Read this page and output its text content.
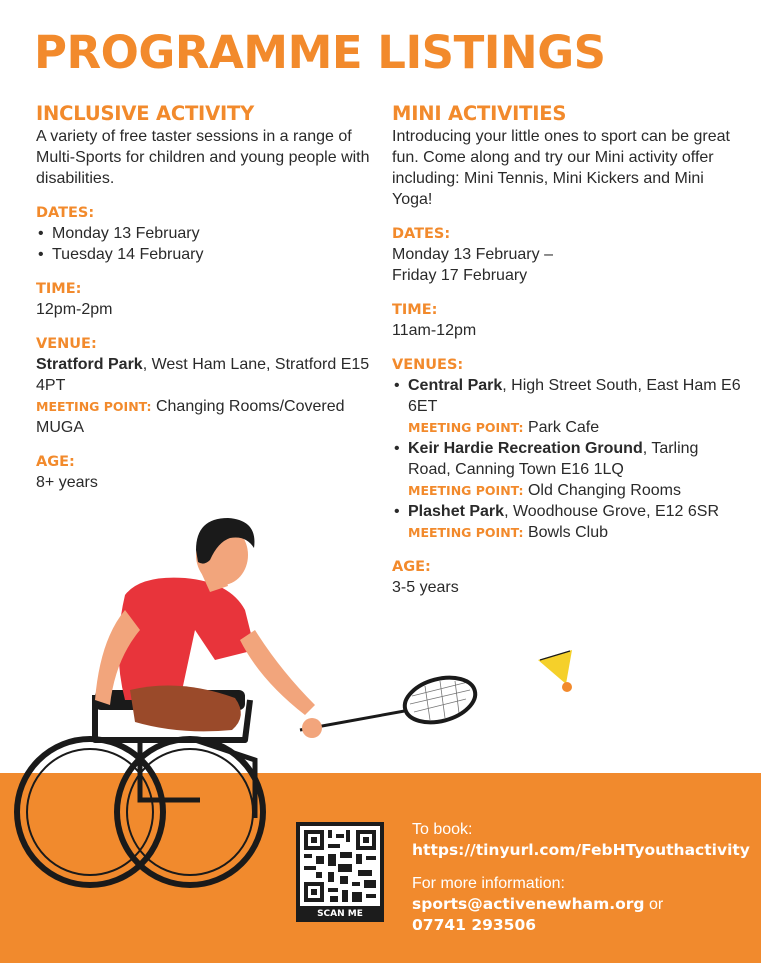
PROGRAMME LISTINGS
INCLUSIVE ACTIVITY
A variety of free taster sessions in a range of Multi-Sports for children and young people with disabilities.
DATES:
• Monday 13 February
• Tuesday 14 February
TIME:
12pm-2pm
VENUE:
Stratford Park, West Ham Lane, Stratford E15 4PT
MEETING POINT: Changing Rooms/Covered MUGA
AGE:
8+ years
MINI ACTIVITIES
Introducing your little ones to sport can be great fun. Come along and try our Mini activity offer including: Mini Tennis, Mini Kickers and Mini Yoga!
DATES:
Monday 13 February – Friday 17 February
TIME:
11am-12pm
VENUES:
• Central Park, High Street South, East Ham E6 6ET
MEETING POINT: Park Cafe
• Keir Hardie Recreation Ground, Tarling Road, Canning Town E16 1LQ
MEETING POINT: Old Changing Rooms
• Plashet Park, Woodhouse Grove, E12 6SR
MEETING POINT: Bowls Club
AGE:
3-5 years
SCAN ME
To book:
https://tinyurl.com/FebHTyouthactivity
For more information:
sports@activenewham.org or
07741 293506
